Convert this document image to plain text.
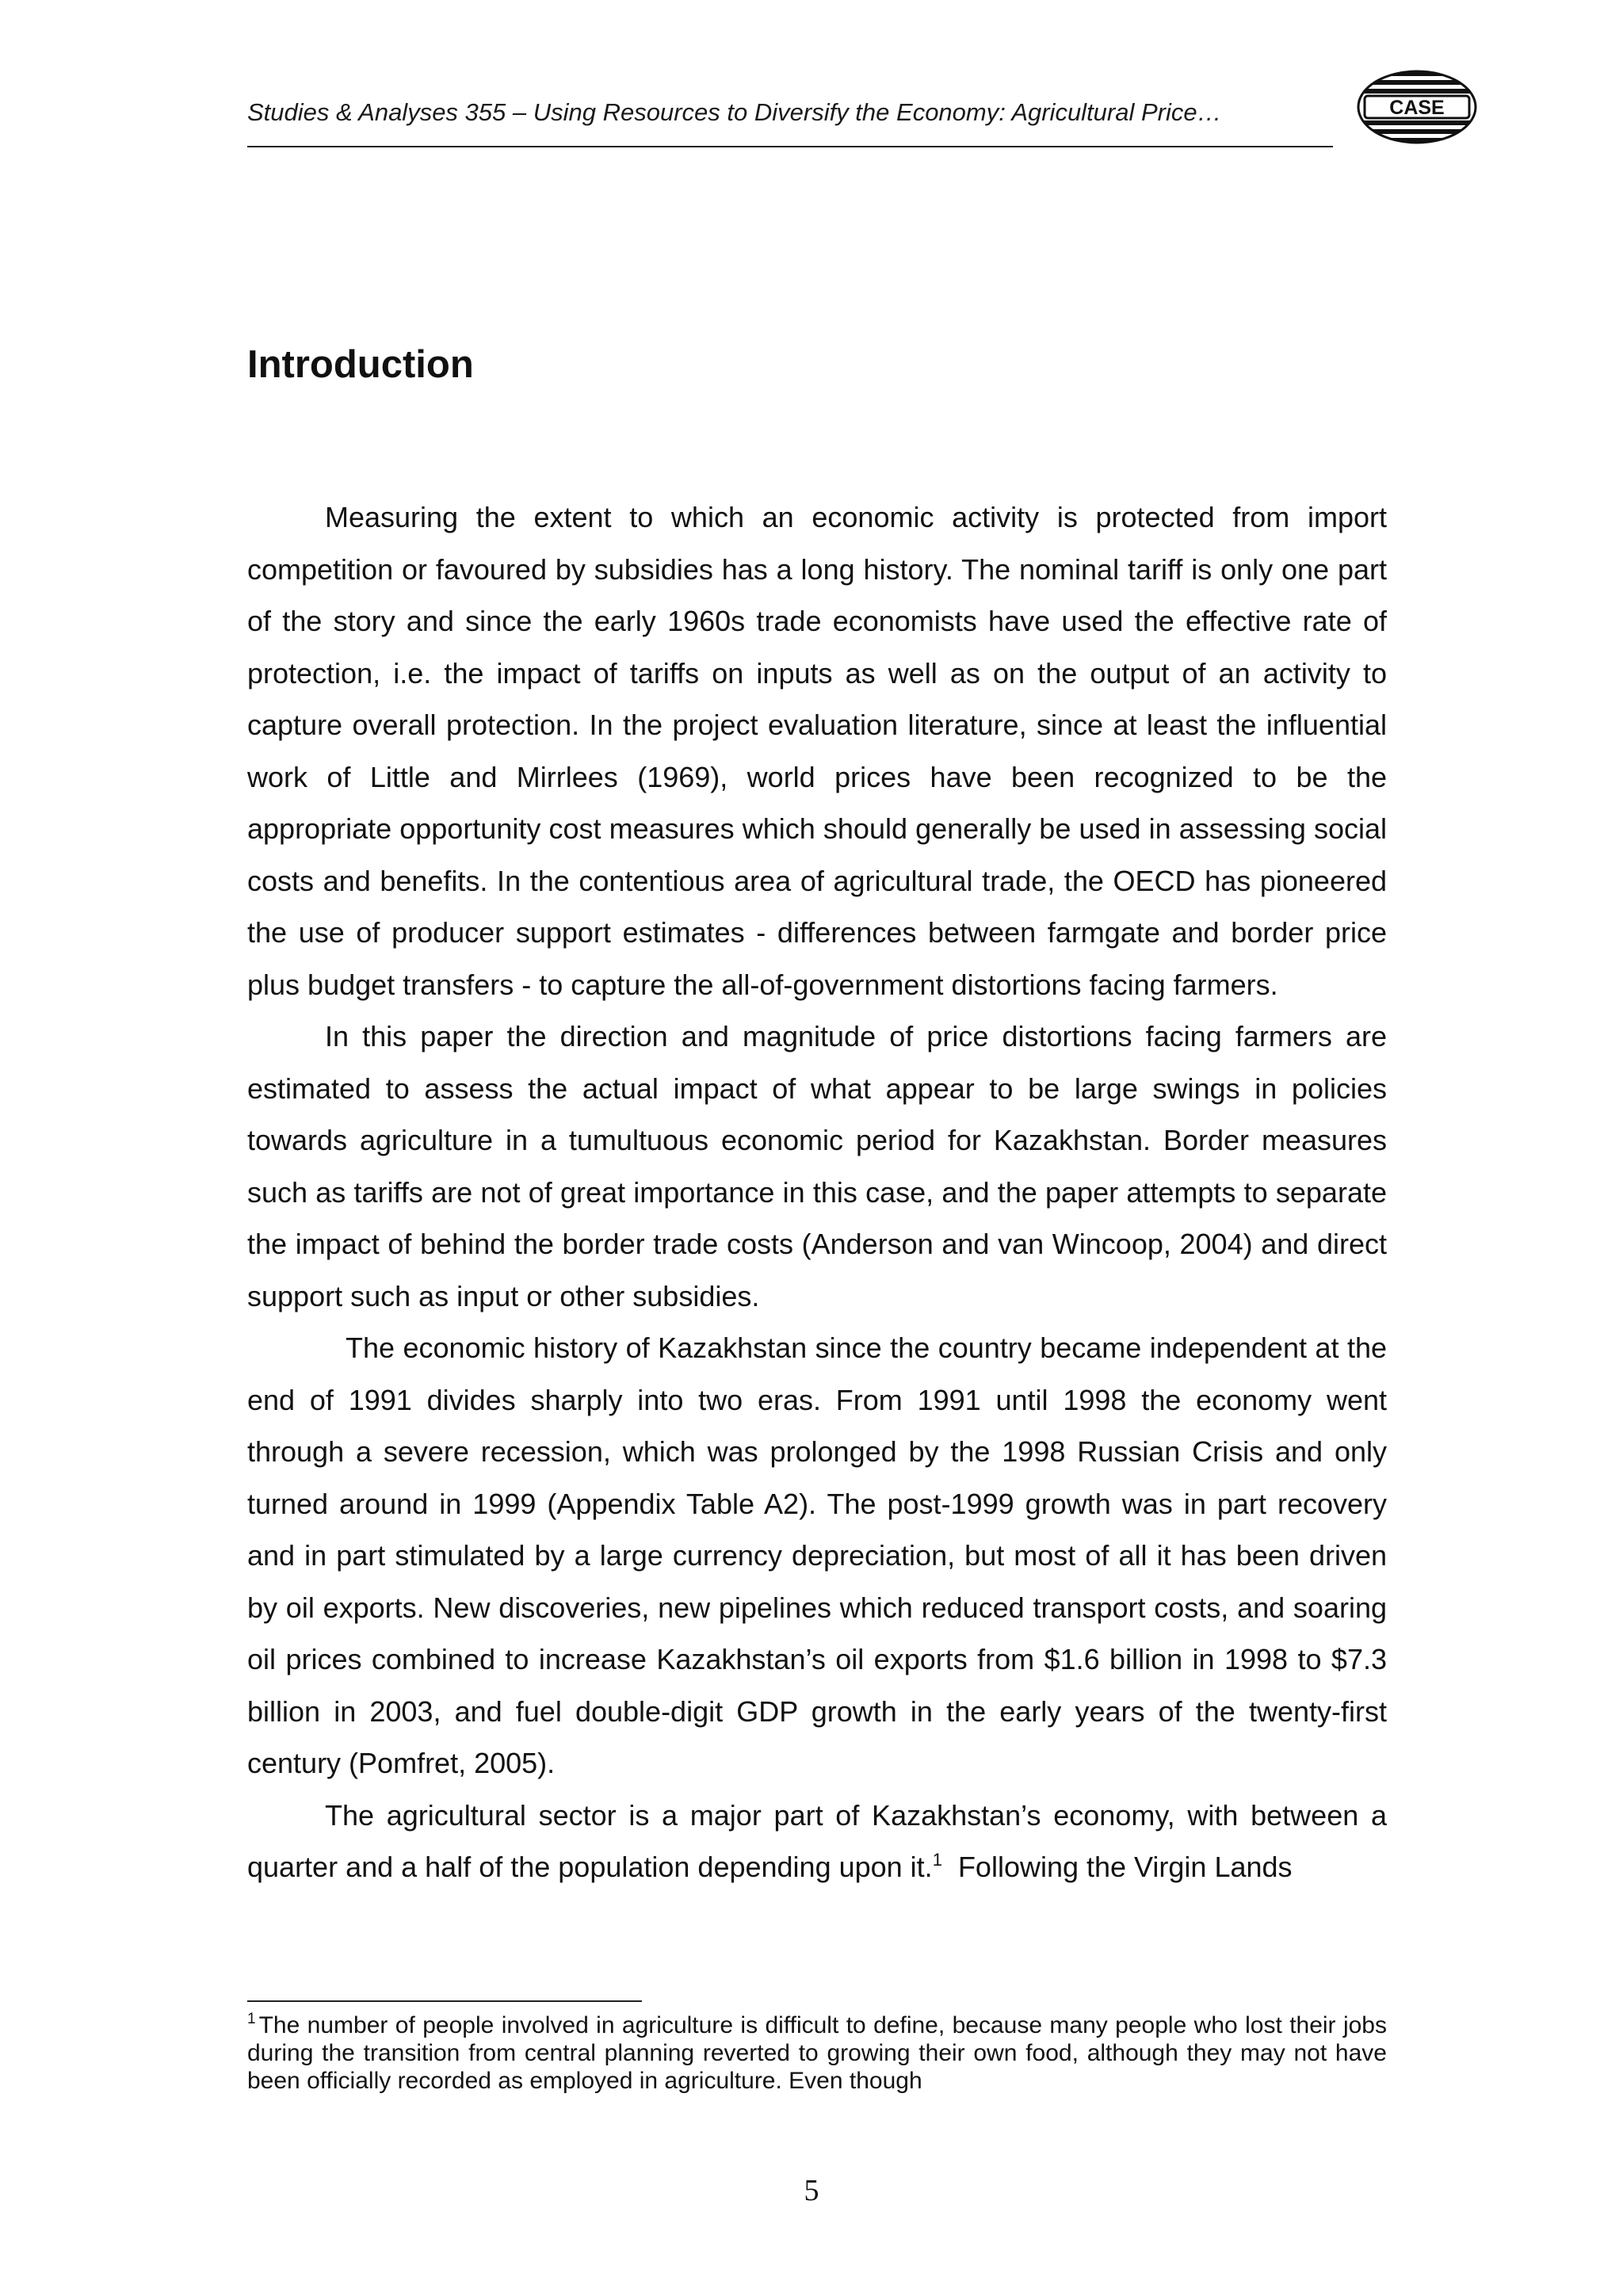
Studies & Analyses 355 – Using Resources to Diversify the Economy: Agricultural Price…	CASE
Introduction

Measuring the extent to which an economic activity is protected from import competition or favoured by subsidies has a long history. The nominal tariff is only one part of the story and since the early 1960s trade economists have used the effective rate of protection, i.e. the impact of tariffs on inputs as well as on the output of an activity to capture overall protection. In the project evaluation literature, since at least the influential work of Little and Mirrlees (1969), world prices have been recognized to be the appropriate opportunity cost measures which should generally be used in assessing social costs and benefits. In the contentious area of agricultural trade, the OECD has pioneered the use of producer support estimates - differences between farmgate and border price plus budget transfers - to capture the all-of-government distortions facing farmers.

In this paper the direction and magnitude of price distortions facing farmers are estimated to assess the actual impact of what appear to be large swings in policies towards agriculture in a tumultuous economic period for Kazakhstan. Border measures such as tariffs are not of great importance in this case, and the paper attempts to separate the impact of behind the border trade costs (Anderson and van Wincoop, 2004) and direct support such as input or other subsidies.

The economic history of Kazakhstan since the country became independent at the end of 1991 divides sharply into two eras. From 1991 until 1998 the economy went through a severe recession, which was prolonged by the 1998 Russian Crisis and only turned around in 1999 (Appendix Table A2). The post-1999 growth was in part recovery and in part stimulated by a large currency depreciation, but most of all it has been driven by oil exports. New discoveries, new pipelines which reduced transport costs, and soaring oil prices combined to increase Kazakhstan’s oil exports from $1.6 billion in 1998 to $7.3 billion in 2003, and fuel double-digit GDP growth in the early years of the twenty-first century (Pomfret, 2005).

The agricultural sector is a major part of Kazakhstan’s economy, with between a quarter and a half of the population depending upon it.$^1$  Following the Virgin Lands

$^1$ The number of people involved in agriculture is difficult to define, because many people who lost their jobs during the transition from central planning reverted to growing their own food, although they may not have been officially recorded as employed in agriculture. Even though

5
